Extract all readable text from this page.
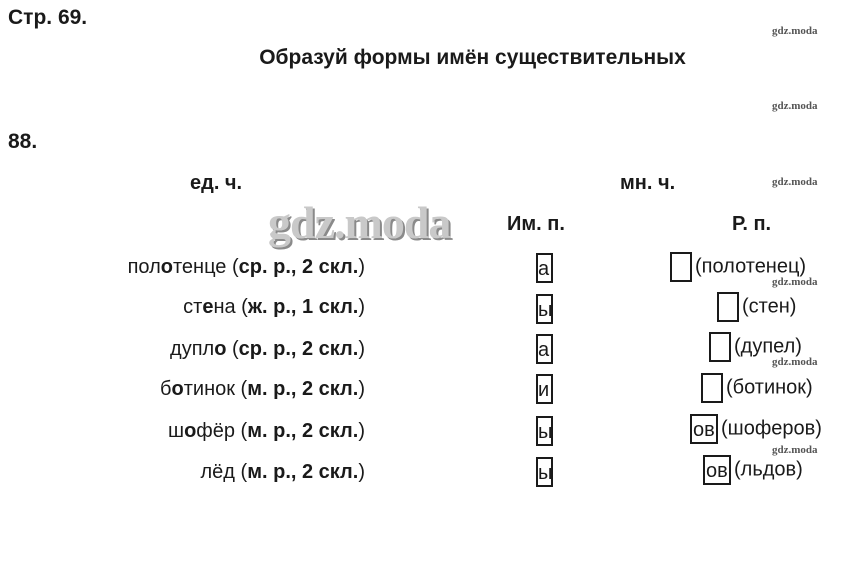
Стр. 69.
Образуй формы имён существительных
88.
gdz.moda
gdz.moda
gdz.moda
gdz.moda
gdz.moda
gdz.moda
ед. ч.	мн. ч.
gdz.moda	Им. п.	Р. п.
полотенце (ср. р., 2 скл.)	а	(полотенец)
стена (ж. р., 1 скл.)	ы	(стен)
дупло (ср. р., 2 скл.)	а	(дупел)
ботинок (м. р., 2 скл.)	и	(ботинок)
шофёр (м. р., 2 скл.)	ы	ов (шоферов)
лёд (м. р., 2 скл.)	ы	ов (льдов)
